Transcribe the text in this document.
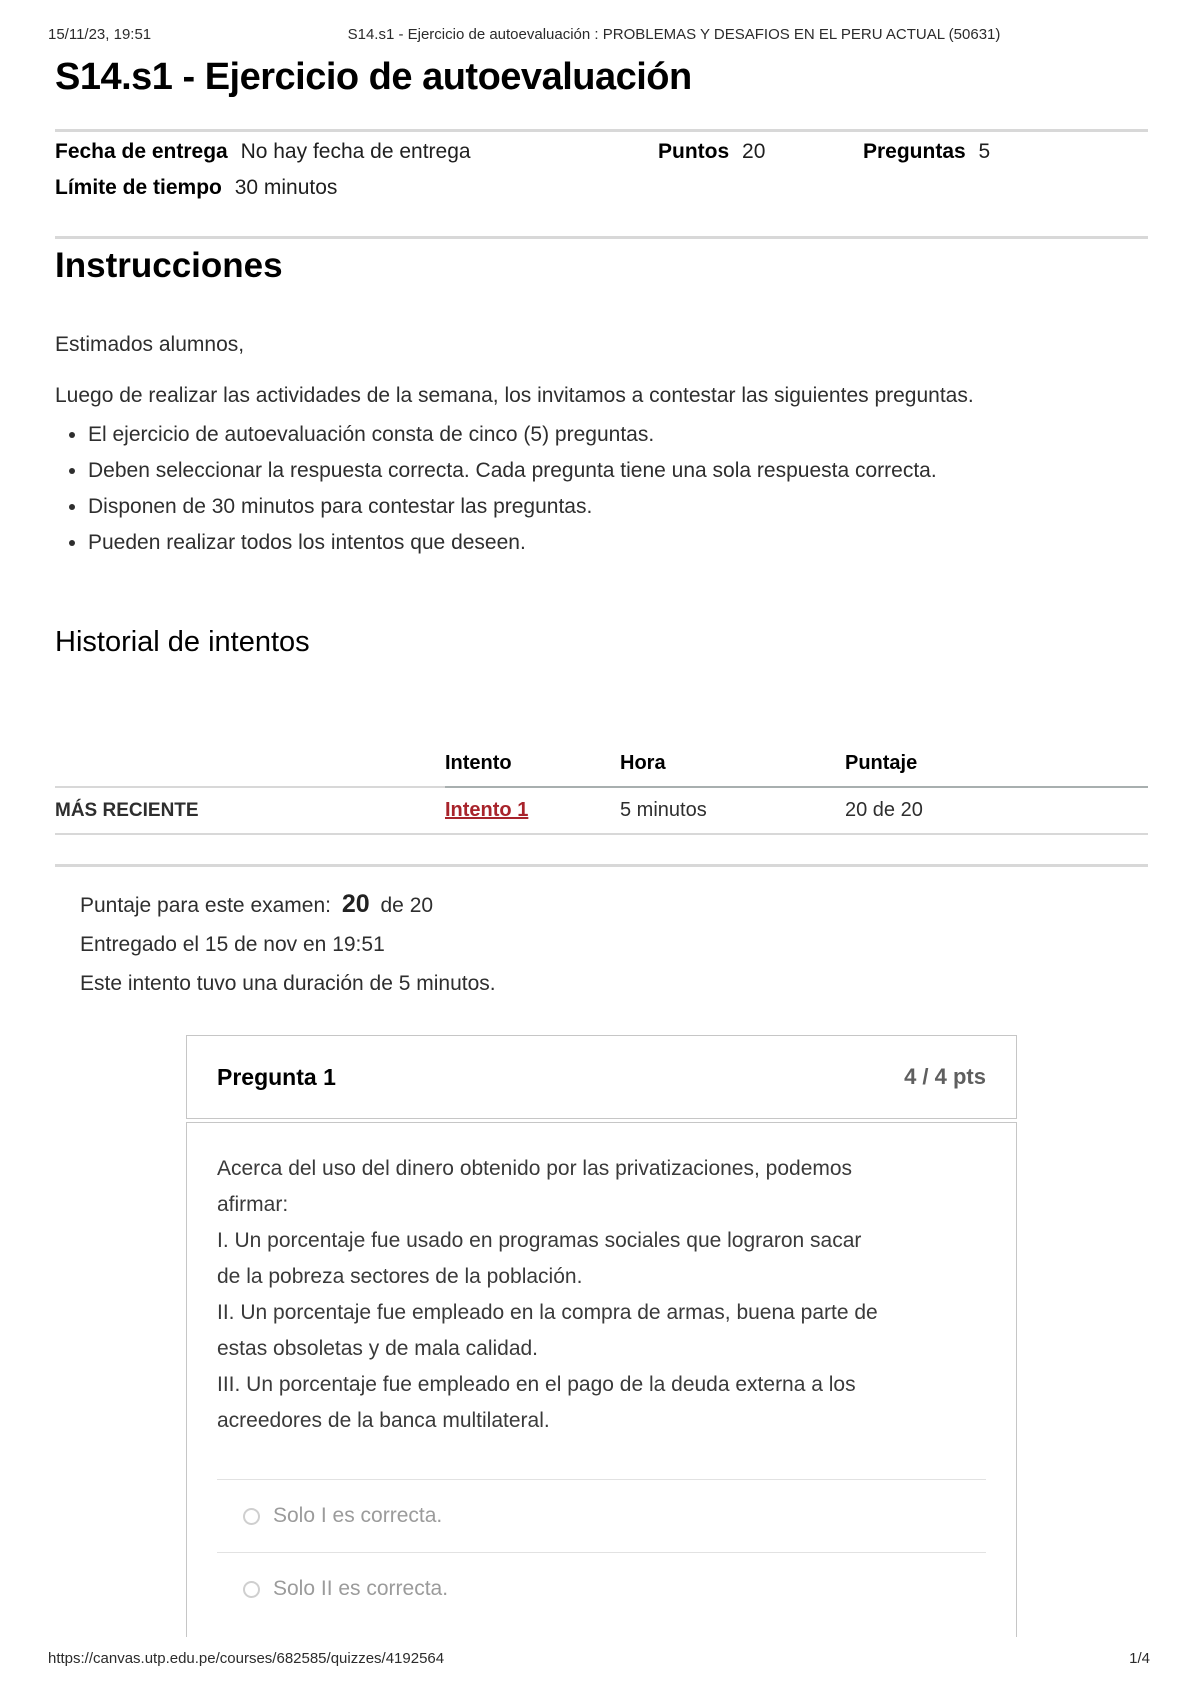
15/11/23, 19:51	S14.s1 - Ejercicio de autoevaluación : PROBLEMAS Y DESAFIOS EN EL PERU ACTUAL (50631)
S14.s1 - Ejercicio de autoevaluación
Fecha de entrega No hay fecha de entrega	Puntos 20	Preguntas 5
Límite de tiempo 30 minutos
Instrucciones

Estimados alumnos,

Luego de realizar las actividades de la semana, los invitamos a contestar las siguientes preguntas.

• El ejercicio de autoevaluación consta de cinco (5) preguntas.
• Deben seleccionar la respuesta correcta. Cada pregunta tiene una sola respuesta correcta.
• Disponen de 30 minutos para contestar las preguntas.
• Pueden realizar todos los intentos que deseen.
Historial de intentos
Intento	Hora	Puntaje
MÁS RECIENTE	Intento 1	5 minutos	20 de 20

Puntaje para este examen: 20 de 20

Entregado el 15 de nov en 19:51

Este intento tuvo una duración de 5 minutos.

Pregunta 1	4 / 4 pts
Acerca del uso del dinero obtenido por las privatizaciones, podemos
afirmar:
I. Un porcentaje fue usado en programas sociales que lograron sacar
de la pobreza sectores de la población.
II. Un porcentaje fue empleado en la compra de armas, buena parte de
estas obsoletas y de mala calidad.
III. Un porcentaje fue empleado en el pago de la deuda externa a los
acreedores de la banca multilateral.
Solo I es correcta.
Solo II es correcta.
https://canvas.utp.edu.pe/courses/682585/quizzes/4192564	1/4
